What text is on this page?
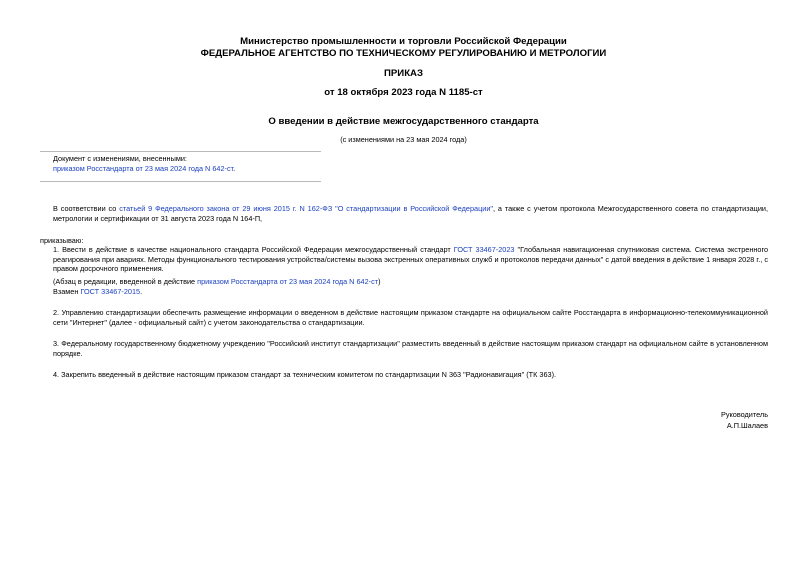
Министерство промышленности и торговли Российской Федерации
ФЕДЕРАЛЬНОЕ АГЕНТСТВО ПО ТЕХНИЧЕСКОМУ РЕГУЛИРОВАНИЮ И МЕТРОЛОГИИ
ПРИКАЗ
от 18 октября 2023 года N 1185-ст
О введении в действие межгосударственного стандарта
(с изменениями на 23 мая 2024 года)
Документ с изменениями, внесенными:
приказом Росстандарта от 23 мая 2024 года N 642-ст.
В соответствии со статьей 9 Федерального закона от 29 июня 2015 г. N 162-ФЗ "О стандартизации в Российской Федерации", а также с учетом протокола Межгосударственного совета по стандартизации, метрологии и сертификации от 31 августа 2023 года N 164-П,
приказываю:
1. Ввести в действие в качестве национального стандарта Российской Федерации межгосударственный стандарт ГОСТ 33467-2023 "Глобальная навигационная спутниковая система. Система экстренного реагирования при авариях. Методы функционального тестирования устройства/системы вызова экстренных оперативных служб и протоколов передачи данных" с датой введения в действие 1 января 2028 г., с правом досрочного применения.
(Абзац в редакции, введенной в действие приказом Росстандарта от 23 мая 2024 года N 642-ст)
Взамен ГОСТ 33467-2015.
2. Управлению стандартизации обеспечить размещение информации о введенном в действие настоящим приказом стандарте на официальном сайте Росстандарта в информационно-телекоммуникационной сети "Интернет" (далее - официальный сайт) с учетом законодательства о стандартизации.
3. Федеральному государственному бюджетному учреждению "Российский институт стандартизации" разместить введенный в действие настоящим приказом стандарт на официальном сайте в установленном порядке.
4. Закрепить введенный в действие настоящим приказом стандарт за техническим комитетом по стандартизации N 363 "Радионавигация" (ТК 363).
Руководитель
А.П.Шалаев
